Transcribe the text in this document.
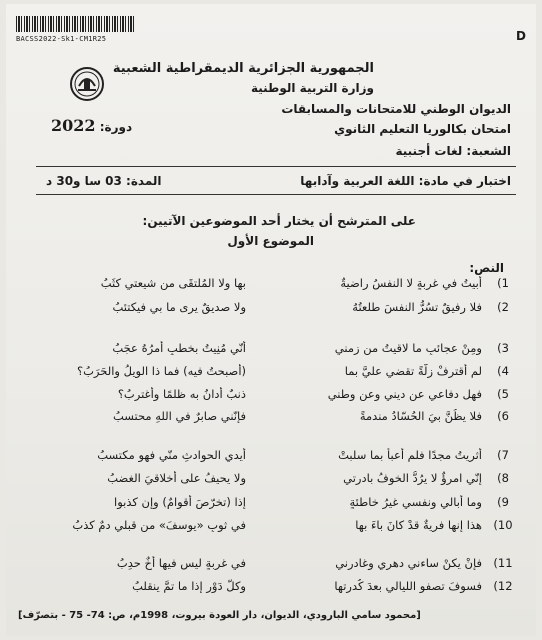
BACSS2022-Sk1-CM1R25	D
الجمهورية الجزائرية الديمقراطية الشعبية
وزارة التربية الوطنية
الديوان الوطني للامتحانات والمسابقات
امتحان بكالوريا التعليم الثانوي
الشعبة: لغات أجنبية
دورة: 2022
اختبار في مادة: اللغة العربية وآدابها
المدة: 03 سا و30 د
على المترشح أن يختار أحد الموضوعين الآتيين:
الموضوع الأول
النص:
1)
أبيتُ في غربةٍ لا النفسُ راضيةٌ
بها ولا المُلتقَى من شيعتي كثَبُ
2)
فلا رفيقٌ تسُرُّ النفسَ طلعتُهُ
ولا صديقٌ يرى ما بي فيكتئبُ
3)
ومِنْ عجائبِ ما لاقيتُ من زمني
أنّي مُنِيتُ بخطبٍ أمرُهُ عجَبُ
4)
لم أقترفْ زلّةً تقضي عليَّ بما
(أصبحتُ فيه) فما ذا الويلُ والحَرَبُ؟
5)
فهل دفاعي عن ديني وعن وطني
ذنبٌ أدانُ به ظلمًا وأغتربُ؟
6)
فلا يظُنَّ بيَ الحُسّادُ مندمةً
فإنّني صابرٌ في اللهِ محتسبُ
7)
أثريتُ مجدًا فلم أعبأْ بما سلبتْ
أيدي الحوادثِ منّي فهو مكتسبُ
8)
إنّي امرؤٌ لا يرُدُّ الخوفُ بادرتي
ولا يحيفُ على أخلاقيَ الغضبُ
9)
وما أبالي ونفسي غيرُ خاطئةٍ
إذا (تخرّصَ أقوامٌ) وإن كذبوا
10)
هذا إنها فريةٌ قدْ كانَ باءَ بها
في ثوبِ «يوسفَ» من قبلي دمٌ كذبُ
11)
فإنْ يكنْ ساءني دهري وغادرني
في غربةٍ ليس فيها أخٌ حدِبُ
12)
فسوفَ تصفو الليالي بعدَ كُدرتها
وكلُّ دَوْرٍ إذا ما تمَّ ينقلبُ
[محمود سامي البارودي، الديوان، دار العودة بيروت، 1998م، ص: 74- 75 - بتصرّف]
